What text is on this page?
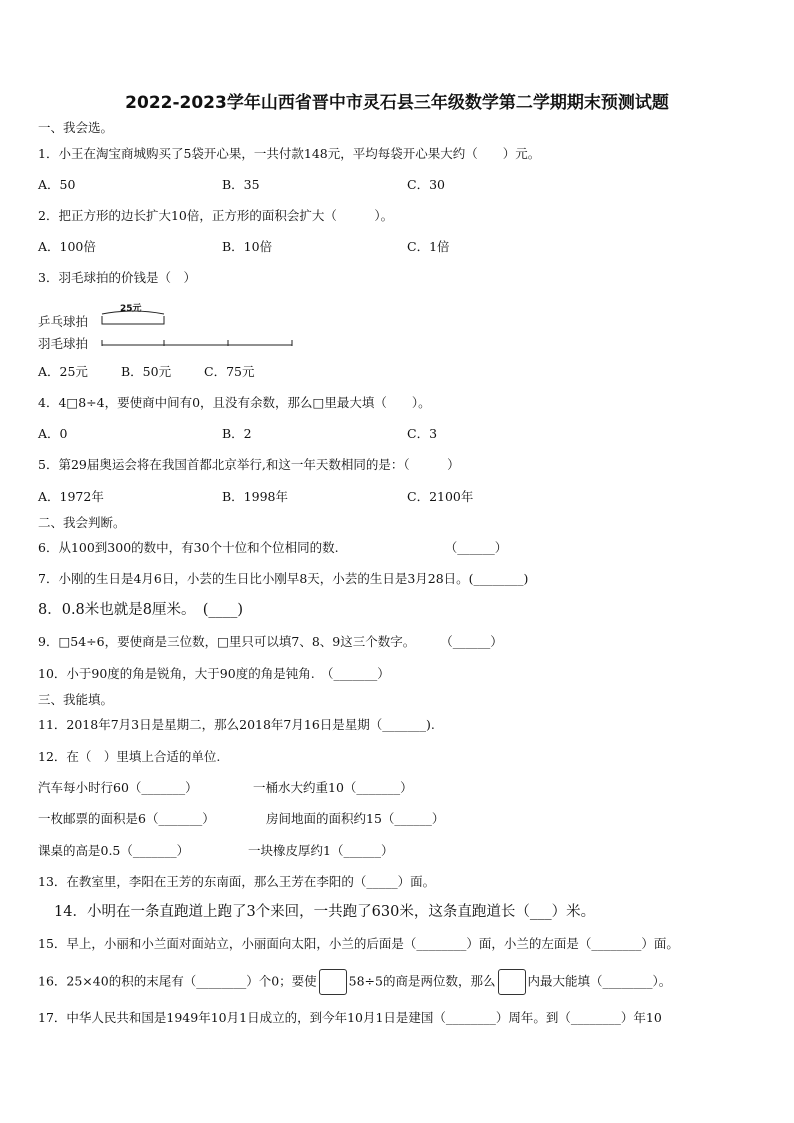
2022-2023学年山西省晋中市灵石县三年级数学第二学期期末预测试题
一、我会选。
1．小王在淘宝商城购买了5袋开心果，一共付款148元，平均每袋开心果大约（　　）元。
A．50	B．35	C．30
2．把正方形的边长扩大10倍，正方形的面积会扩大（　　　）。
A．100倍	B．10倍	C．1倍
3．羽毛球拍的价钱是（　）
乒乓球拍
羽毛球拍
25元
A．25元	B．50元	C．75元
4．4□8÷4，要使商中间有0，且没有余数，那么□里最大填（　　）。
A．0	B．2	C．3
5．第29届奥运会将在我国首都北京举行,和这一年天数相同的是：（　　　）
A．1972年	B．1998年	C．2100年
二、我会判断。
6．从100到300的数中，有30个十位和个位相同的数.　　　　　　　　　（______）
7．小刚的生日是4月6日，小芸的生日比小刚早8天，小芸的生日是3月28日。(________)
8．0.8米也就是8厘米。　(____)
9．□54÷6，要使商是三位数，□里只可以填7、8、9这三个数字。　　　（______）
10．小于90度的角是锐角，大于90度的角是钝角.　（_______）
三、我能填。
11．2018年7月3日是星期二，那么2018年7月16日是星期（_______).
12．在（　）里填上合适的单位.
汽车每小时行60（_______）	一桶水大约重10（_______）
一枚邮票的面积是6（_______）	房间地面的面积约15（______）
课桌的高是0.5（_______）	一块橡皮厚约1（______）
13．在教室里，李阳在王芳的东南面，那么王芳在李阳的（_____）面。
14．小明在一条直跑道上跑了3个来回，一共跑了630米，这条直跑道长（___）米。
15．早上，小丽和小兰面对面站立，小丽面向太阳，小兰的后面是（________）面，小兰的左面是（________）面。
16．25×40的积的末尾有（________）个0；要使	58÷5的商是两位数，那么	内最大能填（________）。
17．中华人民共和国是1949年10月1日成立的，到今年10月1日是建国（________）周年。到（________）年10
